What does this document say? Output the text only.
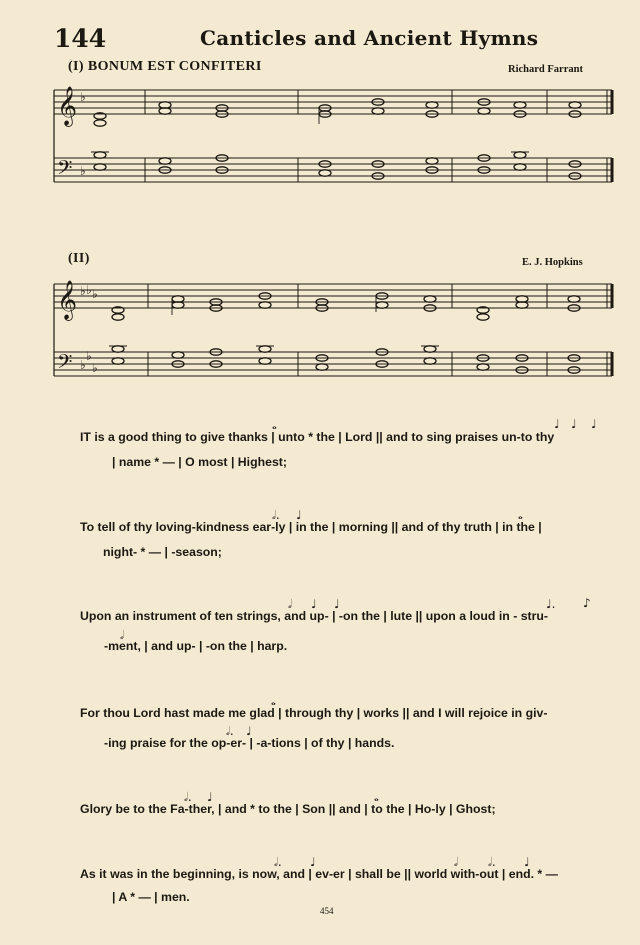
144	Canticles and Ancient Hymns
(I) BONUM EST CONFITERI	Richard Farrant
𝄞 ♭
𝄢 ♭
(II)	E. J. Hopkins
𝄞 ♭ ♭ ♭
𝄢 ♭
♭
♭
IT is a good thing to give thanks | unto * the | Lord || and to sing praises un-to thy
| name * — | O most | Highest;
To tell of thy loving-kindness ear-ly | in the | morning || and of thy truth | in the |
night- * — | -season;
Upon an instrument of ten strings, and up- | -on the | lute || upon a loud in - stru-
-ment, | and up- | -on the | harp.
For thou Lord hast made me glad | through thy | works || and I will rejoice in giv-
-ing praise for the op-er- | -a-tions | of thy | hands.
Glory be to the Fa-ther, | and * to the | Son || and | to the | Ho-ly | Ghost;
As it was in the beginning, is now, and | ev-er | shall be || world with-out | end. * —
| A * — | men.
𝅝	♩ ♩ ♩
𝅗𝅥. ♩	𝅝
𝅗𝅥 ♩ ♩	♩. ♪
𝅗𝅥
𝅝
𝅗𝅥. ♩
𝅗𝅥. ♩	𝅝
𝅗𝅥. ♩	𝅗𝅥	𝅗𝅥. ♩
454
